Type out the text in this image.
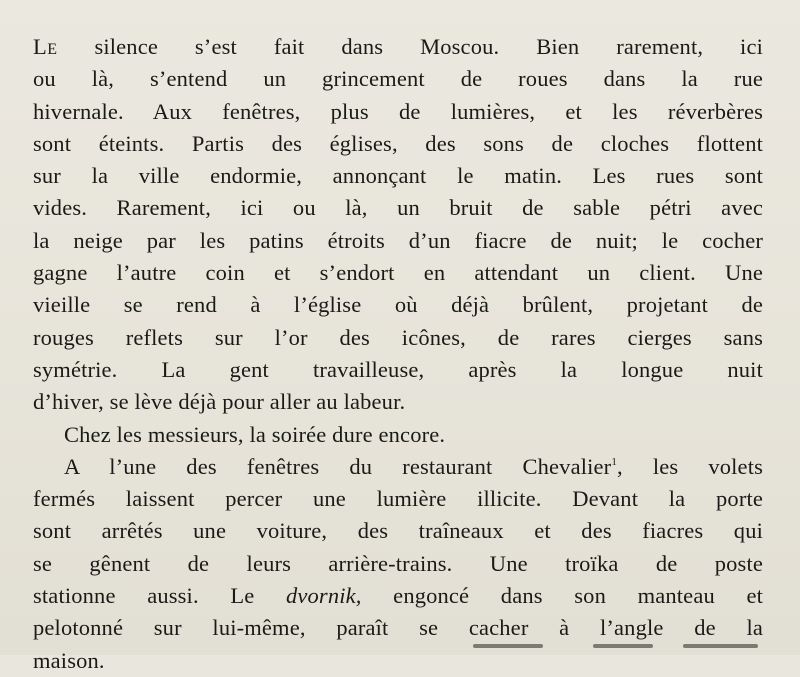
Le silence s’est fait dans Moscou. Bien rarement, ici
ou là, s’entend un grincement de roues dans la rue
hivernale. Aux fenêtres, plus de lumières, et les réverbères
sont éteints. Partis des églises, des sons de cloches flottent
sur la ville endormie, annonçant le matin. Les rues sont
vides. Rarement, ici ou là, un bruit de sable pétri avec
la neige par les patins étroits d’un fiacre de nuit; le cocher
gagne l’autre coin et s’endort en attendant un client. Une
vieille se rend à l’église où déjà brûlent, projetant de
rouges reflets sur l’or des icônes, de rares cierges sans
symétrie. La gent travailleuse, après la longue nuit
d’hiver, se lève déjà pour aller au labeur.
Chez les messieurs, la soirée dure encore.
A l’une des fenêtres du restaurant Chevalier$^1$, les volets
fermés laissent percer une lumière illicite. Devant la porte
sont arrêtés une voiture, des traîneaux et des fiacres qui
se gênent de leurs arrière-trains. Une troïka de poste
stationne aussi. Le dvornik, engoncé dans son manteau et
pelotonné sur lui-même, paraît se cacher à l’angle de la
maison.
